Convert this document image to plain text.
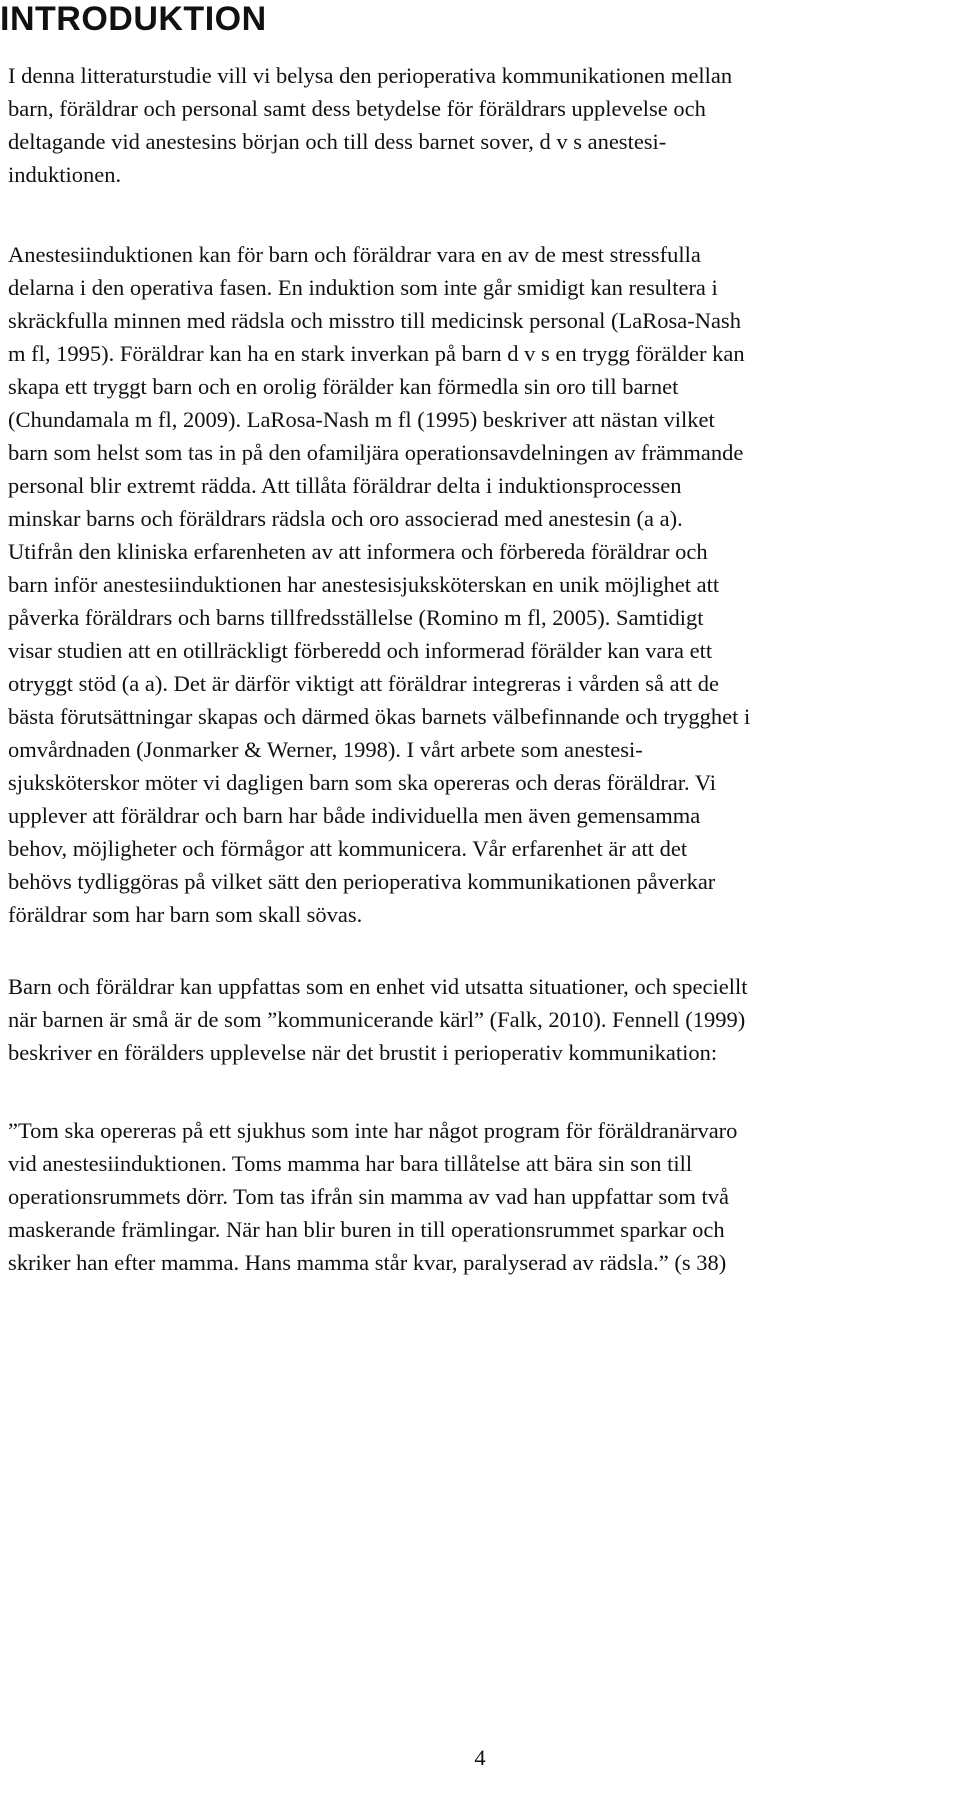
INTRODUKTION

I denna litteraturstudie vill vi belysa den perioperativa kommunikationen mellan
barn, föräldrar och personal samt dess betydelse för föräldrars upplevelse och
deltagande vid anestesins början och till dess barnet sover, d v s anestesi-
induktionen.

Anestesiinduktionen kan för barn och föräldrar vara en av de mest stressfulla
delarna i den operativa fasen. En induktion som inte går smidigt kan resultera i
skräckfulla minnen med rädsla och misstro till medicinsk personal (LaRosa-Nash
m fl, 1995). Föräldrar kan ha en stark inverkan på barn d v s en trygg förälder kan
skapa ett tryggt barn och en orolig förälder kan förmedla sin oro till barnet
(Chundamala m fl, 2009). LaRosa-Nash m fl (1995) beskriver att nästan vilket
barn som helst som tas in på den ofamiljära operationsavdelningen av främmande
personal blir extremt rädda. Att tillåta föräldrar delta i induktionsprocessen
minskar barns och föräldrars rädsla och oro associerad med anestesin (a a).
Utifrån den kliniska erfarenheten av att informera och förbereda föräldrar och
barn inför anestesiinduktionen har anestesisjuksköterskan en unik möjlighet att
påverka föräldrars och barns tillfredsställelse (Romino m fl, 2005). Samtidigt
visar studien att en otillräckligt förberedd och informerad förälder kan vara ett
otryggt stöd (a a). Det är därför viktigt att föräldrar integreras i vården så att de
bästa förutsättningar skapas och därmed ökas barnets välbefinnande och trygghet i
omvårdnaden (Jonmarker & Werner, 1998). I vårt arbete som anestesi-
sjuksköterskor möter vi dagligen barn som ska opereras och deras föräldrar. Vi
upplever att föräldrar och barn har både individuella men även gemensamma
behov, möjligheter och förmågor att kommunicera. Vår erfarenhet är att det
behövs tydliggöras på vilket sätt den perioperativa kommunikationen påverkar
föräldrar som har barn som skall sövas.

Barn och föräldrar kan uppfattas som en enhet vid utsatta situationer, och speciellt
när barnen är små är de som ”kommunicerande kärl” (Falk, 2010). Fennell (1999)
beskriver en förälders upplevelse när det brustit i perioperativ kommunikation:

”Tom ska opereras på ett sjukhus som inte har något program för föräldranärvaro
vid anestesiinduktionen. Toms mamma har bara tillåtelse att bära sin son till
operationsrummets dörr. Tom tas ifrån sin mamma av vad han uppfattar som två
maskerande främlingar. När han blir buren in till operationsrummet sparkar och
skriker han efter mamma. Hans mamma står kvar, paralyserad av rädsla.” (s 38)

4
